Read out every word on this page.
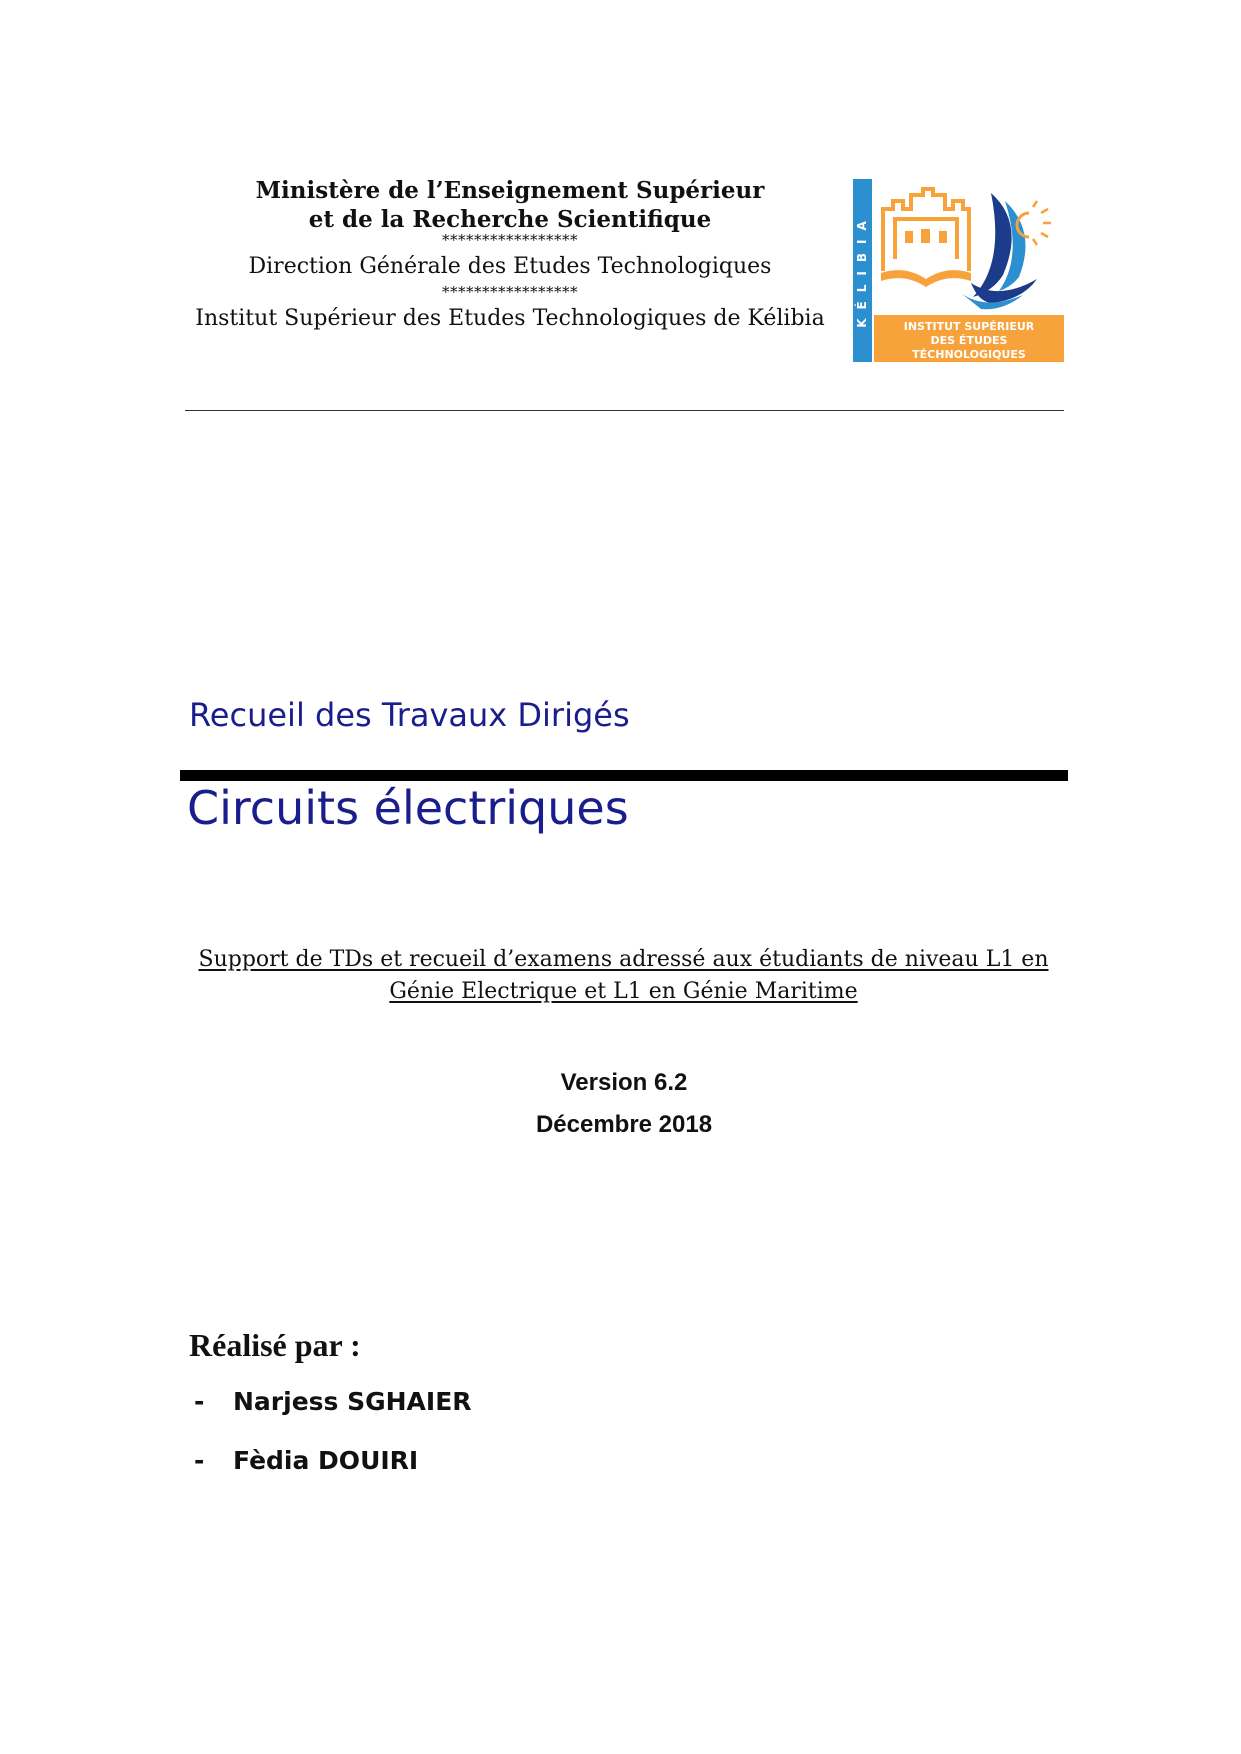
Ministère de l’Enseignement Supérieur
et de la Recherche Scientifique
*****************
Direction Générale des Etudes Technologiques
*****************
Institut Supérieur des Etudes Technologiques de Kélibia	KÉLIBIA	INSTITUT SUPÉRIEUR
DES ÉTUDES
TÉCHNOLOGIQUES
Recueil des Travaux Dirigés
Circuits électriques
Support de TDs et recueil d’examens adressé aux étudiants de niveau L1 en Génie Electrique et L1 en Génie Maritime
Version 6.2
Décembre 2018
Réalisé par :
- Narjess SGHAIER
- Fèdia DOUIRI
